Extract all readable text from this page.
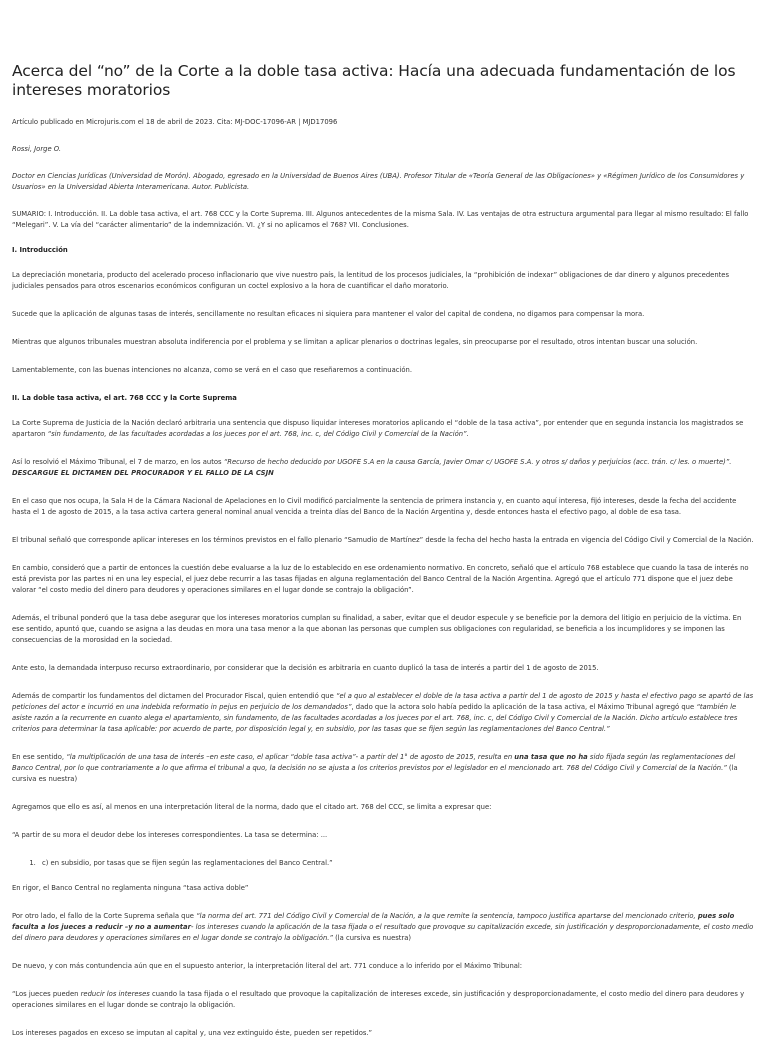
Acerca del “no” de la Corte a la doble tasa activa: Hacía una adecuada fundamentación de los intereses moratorios

Artículo publicado en Microjuris.com el 18 de abril de 2023. Cita: MJ-DOC-17096-AR | MJD17096

Rossi, Jorge O.

Doctor en Ciencias Jurídicas (Universidad de Morón). Abogado, egresado en la Universidad de Buenos Aires (UBA). Profesor Titular de «Teoría General de las Obligaciones» y «Régimen Jurídico de los Consumidores y Usuarios» en la Universidad Abierta Interamericana. Autor. Publicista.

SUMARIO: I. Introducción. II. La doble tasa activa, el art. 768 CCC y la Corte Suprema. III. Algunos antecedentes de la misma Sala. IV. Las ventajas de otra estructura argumental para llegar al mismo resultado: El fallo “Melegari”. V. La vía del “carácter alimentario” de la indemnización. VI. ¿Y si no aplicamos el 768? VII. Conclusiones.

I. Introducción

La depreciación monetaria, producto del acelerado proceso inflacionario que vive nuestro país, la lentitud de los procesos judiciales, la “prohibición de indexar” obligaciones de dar dinero y algunos precedentes judiciales pensados para otros escenarios económicos configuran un coctel explosivo a la hora de cuantificar el daño moratorio.

Sucede que la aplicación de algunas tasas de interés, sencillamente no resultan eficaces ni siquiera para mantener el valor del capital de condena, no digamos para compensar la mora.

Mientras que algunos tribunales muestran absoluta indiferencia por el problema y se limitan a aplicar plenarios o doctrinas legales, sin preocuparse por el resultado, otros intentan buscar una solución.

Lamentablemente, con las buenas intenciones no alcanza, como se verá en el caso que reseñaremos a continuación.

II. La doble tasa activa, el art. 768 CCC y la Corte Suprema

La Corte Suprema de Justicia de la Nación declaró arbitraria una sentencia que dispuso liquidar intereses moratorios aplicando el “doble de la tasa activa”, por entender que en segunda instancia los magistrados se apartaron “sin fundamento, de las facultades acordadas a los jueces por el art. 768, inc. c, del Código Civil y Comercial de la Nación”.

Así lo resolvió el Máximo Tribunal, el 7 de marzo, en los autos “Recurso de hecho deducido por UGOFE S.A en la causa García, Javier Omar c/ UGOFE S.A. y otros s/ daños y perjuicios (acc. trán. c/ les. o muerte)”. DESCARGUE EL DICTAMEN DEL PROCURADOR Y EL FALLO DE LA CSJN

En el caso que nos ocupa, la Sala H de la Cámara Nacional de Apelaciones en lo Civil modificó parcialmente la sentencia de primera instancia y, en cuanto aquí interesa, fijó intereses, desde la fecha del accidente hasta el 1 de agosto de 2015, a la tasa activa cartera general nominal anual vencida a treinta días del Banco de la Nación Argentina y, desde entonces hasta el efectivo pago, al doble de esa tasa.

El tribunal señaló que corresponde aplicar intereses en los términos previstos en el fallo plenario “Samudio de Martínez” desde la fecha del hecho hasta la entrada en vigencia del Código Civil y Comercial de la Nación.

En cambio, consideró que a partir de entonces la cuestión debe evaluarse a la luz de lo establecido en ese ordenamiento normativo. En concreto, señaló que el artículo 768 establece que cuando la tasa de interés no está prevista por las partes ni en una ley especial, el juez debe recurrir a las tasas fijadas en alguna reglamentación del Banco Central de la Nación Argentina. Agregó que el artículo 771 dispone que el juez debe valorar “el costo medio del dinero para deudores y operaciones similares en el lugar donde se contrajo la obligación”.

Además, el tribunal ponderó que la tasa debe asegurar que los intereses moratorios cumplan su finalidad, a saber, evitar que el deudor especule y se beneficie por la demora del litigio en perjuicio de la víctima. En ese sentido, apuntó que, cuando se asigna a las deudas en mora una tasa menor a la que abonan las personas que cumplen sus obligaciones con regularidad, se beneficia a los incumplidores y se imponen las consecuencias de la morosidad en la sociedad.

Ante esto, la demandada interpuso recurso extraordinario, por considerar que la decisión es arbitraria en cuanto duplicó la tasa de interés a partir del 1 de agosto de 2015.

Además de compartir los fundamentos del dictamen del Procurador Fiscal, quien entendió que “el a quo al establecer el doble de la tasa activa a partir del 1 de agosto de 2015 y hasta el efectivo pago se apartó de las peticiones del actor e incurrió en una indebida reformatio in pejus en perjuicio de los demandados”, dado que la actora solo había pedido la aplicación de la tasa activa, el Máximo Tribunal agregó que “también le asiste razón a la recurrente en cuanto alega el apartamiento, sin fundamento, de las facultades acordadas a los jueces por el art. 768, inc. c, del Código Civil y Comercial de la Nación. Dicho artículo establece tres criterios para determinar la tasa aplicable: por acuerdo de parte, por disposición legal y, en subsidio, por las tasas que se fijen según las reglamentaciones del Banco Central.”

En ese sentido, “la multiplicación de una tasa de interés –en este caso, el aplicar “doble tasa activa”- a partir del 1° de agosto de 2015, resulta en una tasa que no ha sido fijada según las reglamentaciones del Banco Central, por lo que contrariamente a lo que afirma el tribunal a quo, la decisión no se ajusta a los criterios previstos por el legislador en el mencionado art. 768 del Código Civil y Comercial de la Nación.” (la cursiva es nuestra)

Agregamos que ello es así, al menos en una interpretación literal de la norma, dado que el citado art. 768 del CCC, se limita a expresar que:

“A partir de su mora el deudor debe los intereses correspondientes. La tasa se determina: ...

1. c) en subsidio, por tasas que se fijen según las reglamentaciones del Banco Central.”

En rigor, el Banco Central no reglamenta ninguna “tasa activa doble”

Por otro lado, el fallo de la Corte Suprema señala que “la norma del art. 771 del Código Civil y Comercial de la Nación, a la que remite la sentencia, tampoco justifica apartarse del mencionado criterio, pues solo faculta a los jueces a reducir –y no a aumentar- los intereses cuando la aplicación de la tasa fijada o el resultado que provoque su capitalización excede, sin justificación y desproporcionadamente, el costo medio del dinero para deudores y operaciones similares en el lugar donde se contrajo la obligación.” (la cursiva es nuestra)

De nuevo, y con más contundencia aún que en el supuesto anterior, la interpretación literal del art. 771 conduce a lo inferido por el Máximo Tribunal:

“Los jueces pueden reducir los intereses cuando la tasa fijada o el resultado que provoque la capitalización de intereses excede, sin justificación y desproporcionadamente, el costo medio del dinero para deudores y operaciones similares en el lugar donde se contrajo la obligación.

Los intereses pagados en exceso se imputan al capital y, una vez extinguido éste, pueden ser repetidos.”
